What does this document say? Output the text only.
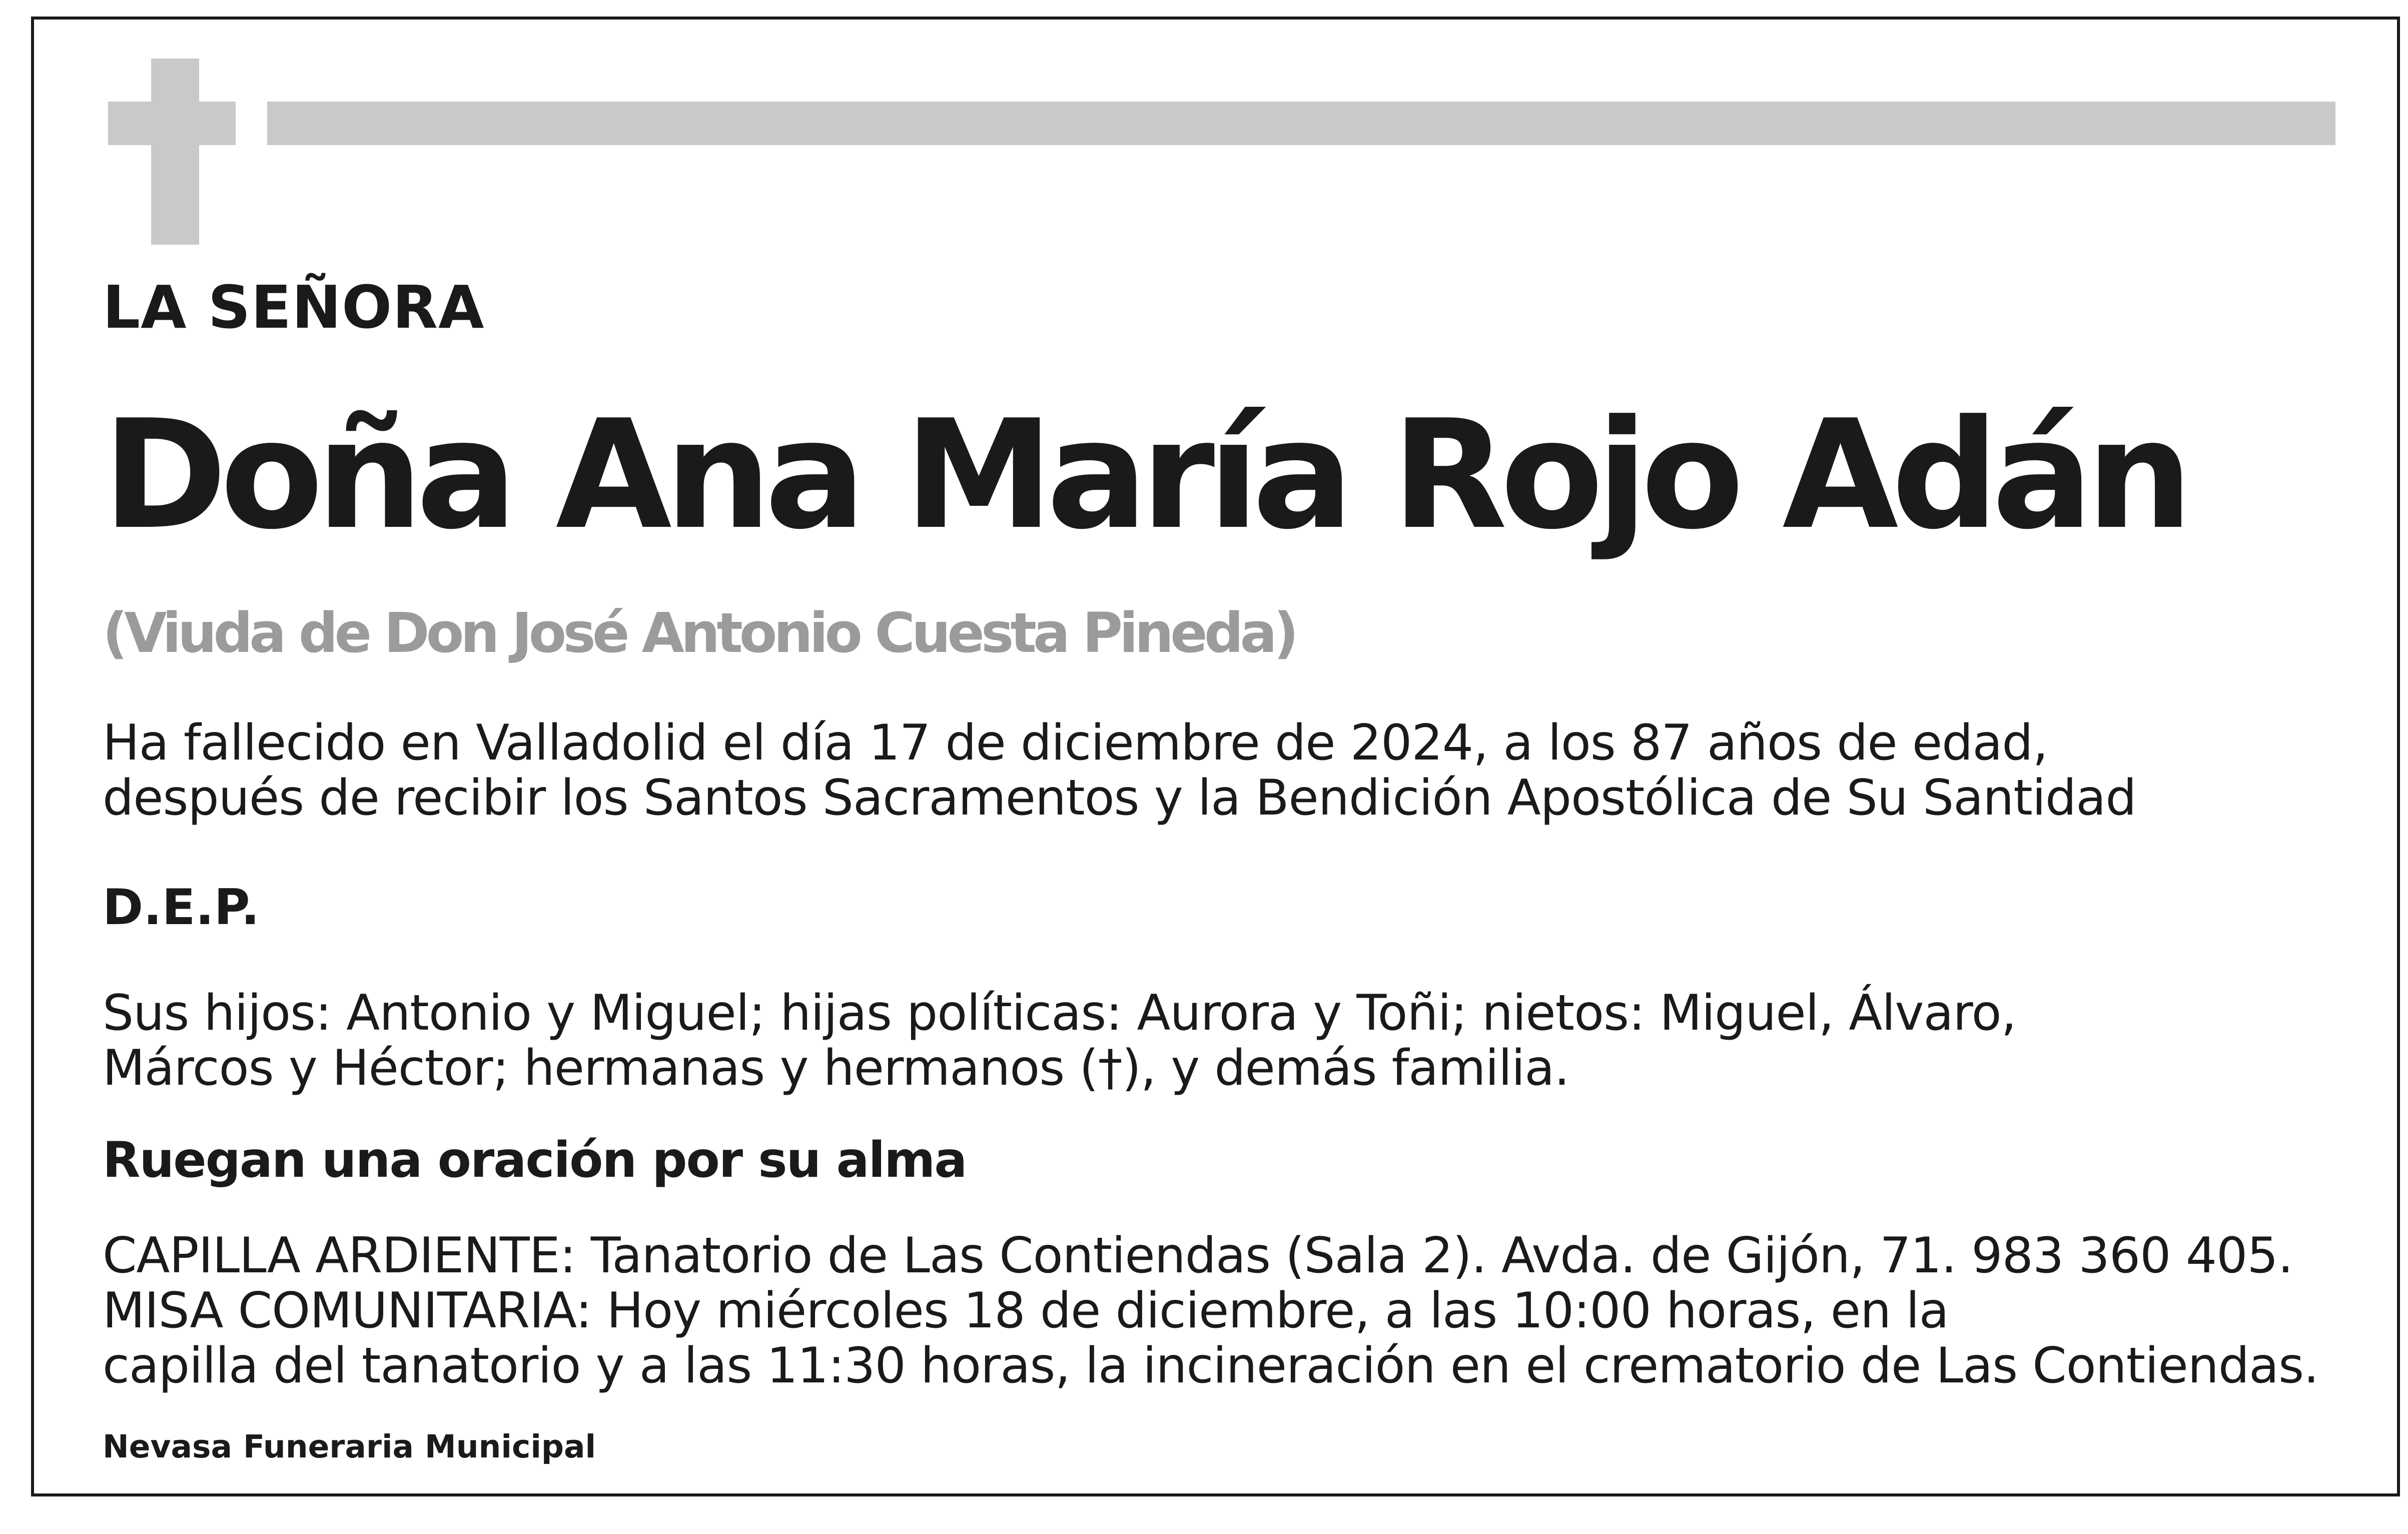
LA SEÑORA

Doña Ana María Rojo Adán

(Viuda de Don José Antonio Cuesta Pineda)

Ha fallecido en Valladolid el día 17 de diciembre de 2024, a los 87 años de edad,
después de recibir los Santos Sacramentos y la Bendición Apostólica de Su Santidad

D.E.P.

Sus hijos: Antonio y Miguel; hijas políticas: Aurora y Toñi; nietos: Miguel, Álvaro,
Márcos y Héctor; hermanas y hermanos (†), y demás familia.

Ruegan una oración por su alma

CAPILLA ARDIENTE: Tanatorio de Las Contiendas (Sala 2). Avda. de Gijón, 71. 983 360 405.
MISA COMUNITARIA: Hoy miércoles 18 de diciembre, a las 10:00 horas, en la
capilla del tanatorio y a las 11:30 horas, la incineración en el crematorio de Las Contiendas.

Nevasa Funeraria Municipal
